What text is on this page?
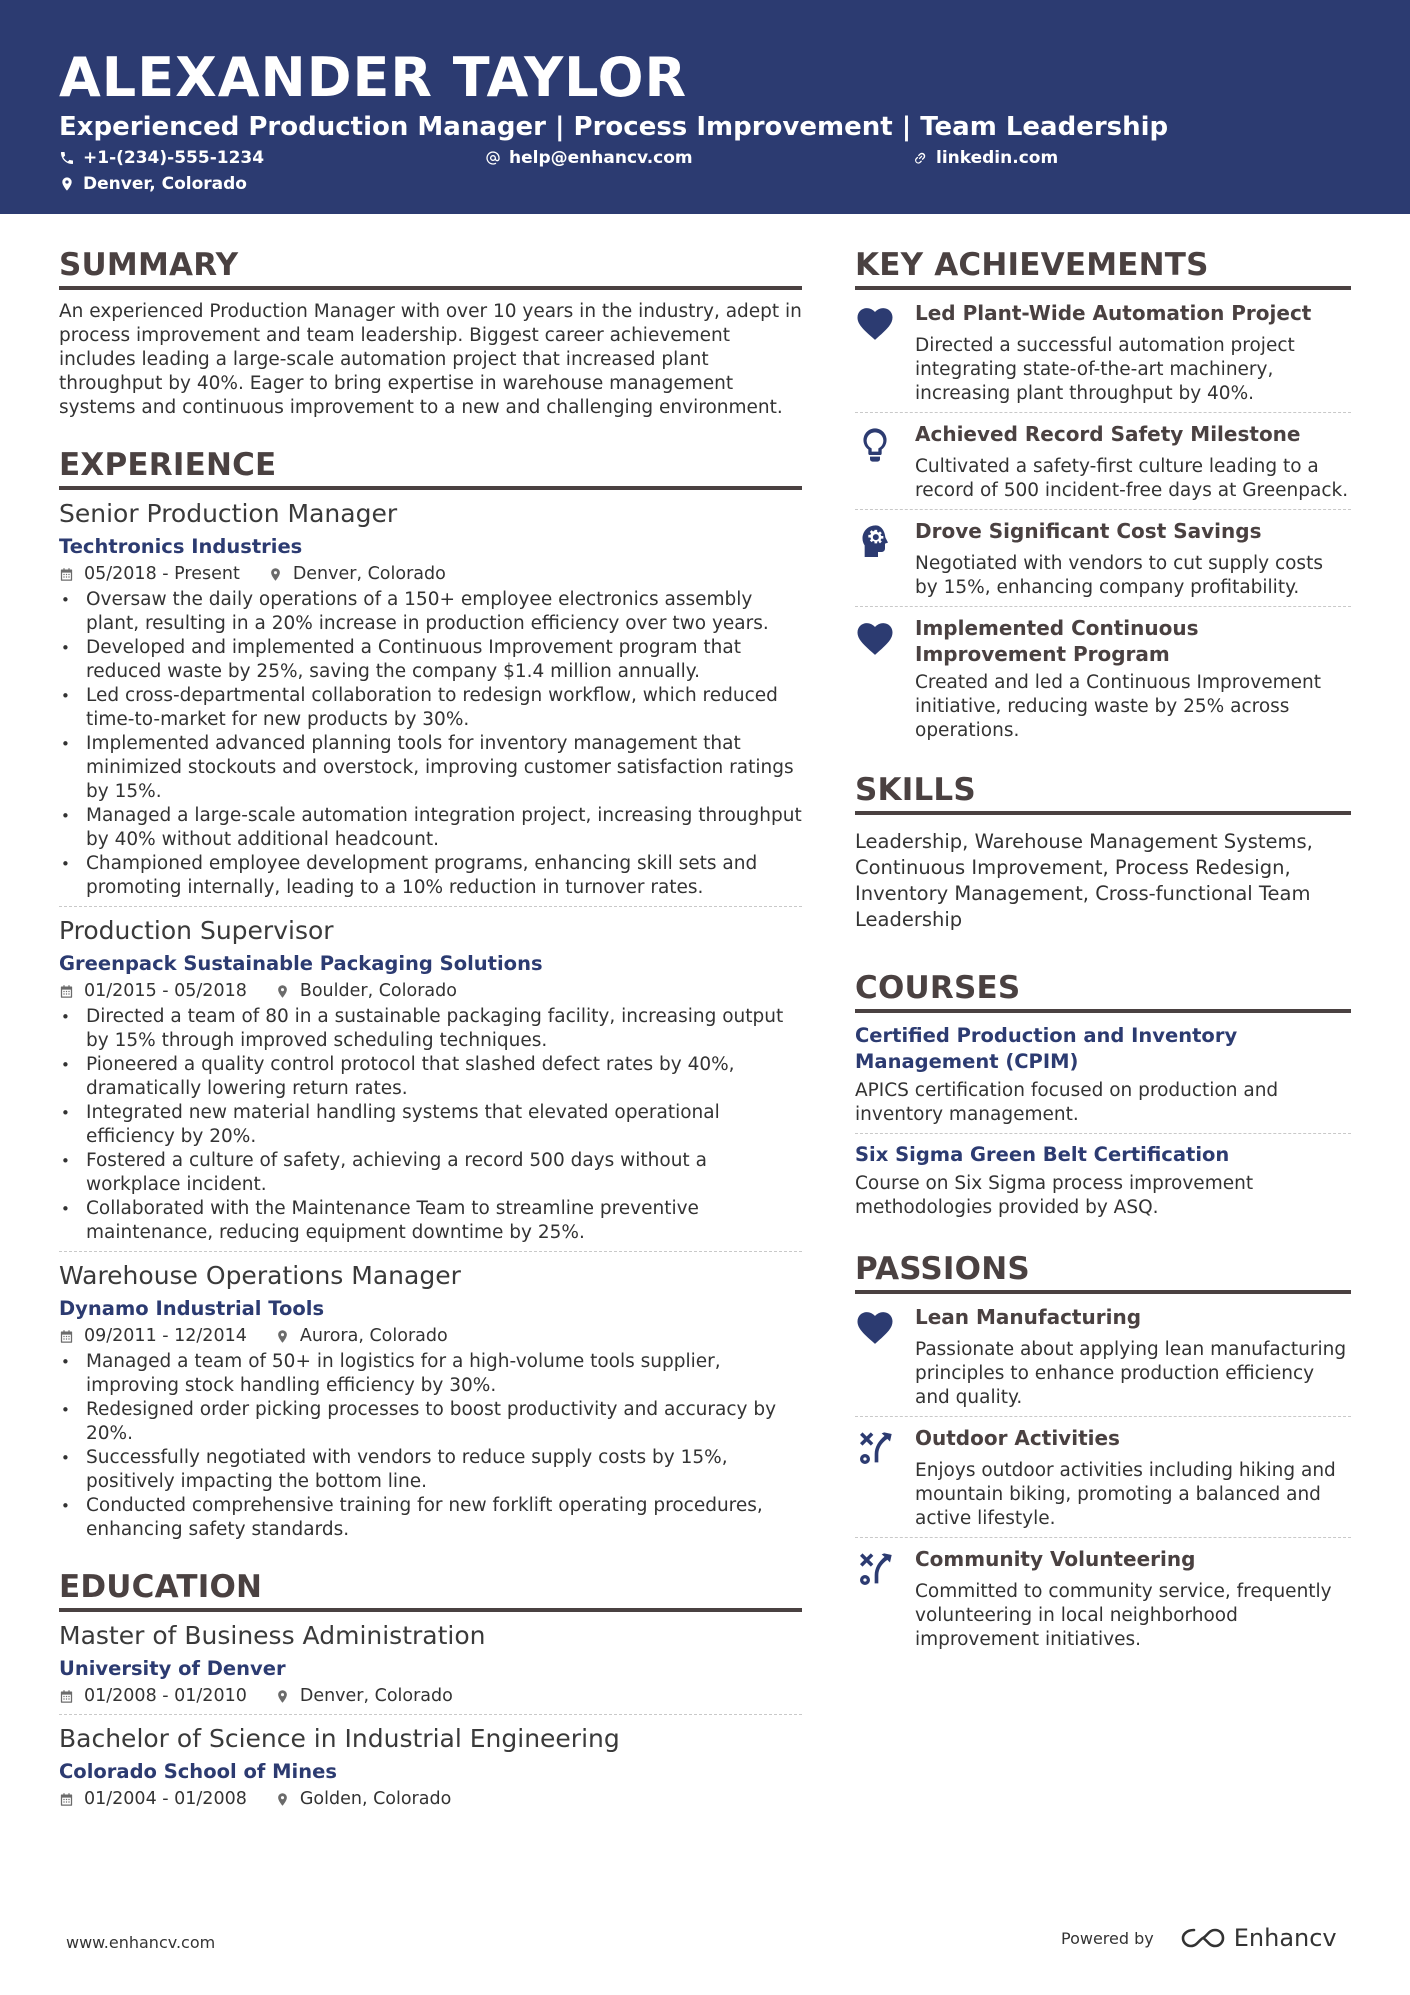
ALEXANDER TAYLOR
Experienced Production Manager | Process Improvement | Team Leadership
+1-(234)-555-1234	help@enhancv.com	linkedin.com
Denver, Colorado
SUMMARY

An experienced Production Manager with over 10 years in the industry, adept in process improvement and team leadership. Biggest career achievement includes leading a large-scale automation project that increased plant throughput by 40%. Eager to bring expertise in warehouse management systems and continuous improvement to a new and challenging environment.

EXPERIENCE
Senior Production Manager
Techtronics Industries
05/2018 - Present	Denver, Colorado
• Oversaw the daily operations of a 150+ employee electronics assembly plant, resulting in a 20% increase in production efficiency over two years.
• Developed and implemented a Continuous Improvement program that reduced waste by 25%, saving the company $1.4 million annually.
• Led cross-departmental collaboration to redesign workflow, which reduced time-to-market for new products by 30%.
• Implemented advanced planning tools for inventory management that minimized stockouts and overstock, improving customer satisfaction ratings by 15%.
• Managed a large-scale automation integration project, increasing throughput by 40% without additional headcount.
• Championed employee development programs, enhancing skill sets and promoting internally, leading to a 10% reduction in turnover rates.
Production Supervisor
Greenpack Sustainable Packaging Solutions
01/2015 - 05/2018	Boulder, Colorado
• Directed a team of 80 in a sustainable packaging facility, increasing output by 15% through improved scheduling techniques.
• Pioneered a quality control protocol that slashed defect rates by 40%, dramatically lowering return rates.
• Integrated new material handling systems that elevated operational efficiency by 20%.
• Fostered a culture of safety, achieving a record 500 days without a workplace incident.
• Collaborated with the Maintenance Team to streamline preventive maintenance, reducing equipment downtime by 25%.
Warehouse Operations Manager
Dynamo Industrial Tools
09/2011 - 12/2014	Aurora, Colorado
• Managed a team of 50+ in logistics for a high-volume tools supplier, improving stock handling efficiency by 30%.
• Redesigned order picking processes to boost productivity and accuracy by 20%.
• Successfully negotiated with vendors to reduce supply costs by 15%, positively impacting the bottom line.
• Conducted comprehensive training for new forklift operating procedures, enhancing safety standards.
EDUCATION
Master of Business Administration
University of Denver
01/2008 - 01/2010	Denver, Colorado
Bachelor of Science in Industrial Engineering
Colorado School of Mines
01/2004 - 01/2008	Golden, Colorado
KEY ACHIEVEMENTS
Led Plant-Wide Automation Project
Directed a successful automation project integrating state-of-the-art machinery, increasing plant throughput by 40%.
Achieved Record Safety Milestone
Cultivated a safety-first culture leading to a record of 500 incident-free days at Greenpack.
Drove Significant Cost Savings
Negotiated with vendors to cut supply costs by 15%, enhancing company profitability.
Implemented Continuous Improvement Program
Created and led a Continuous Improvement initiative, reducing waste by 25% across operations.
SKILLS
Leadership, Warehouse Management Systems, Continuous Improvement, Process Redesign, Inventory Management, Cross-functional Team Leadership
COURSES
Certified Production and Inventory Management (CPIM)
APICS certification focused on production and inventory management.
Six Sigma Green Belt Certification
Course on Six Sigma process improvement methodologies provided by ASQ.
PASSIONS
Lean Manufacturing
Passionate about applying lean manufacturing principles to enhance production efficiency and quality.
Outdoor Activities
Enjoys outdoor activities including hiking and mountain biking, promoting a balanced and active lifestyle.
Community Volunteering
Committed to community service, frequently volunteering in local neighborhood improvement initiatives.
www.enhancv.com	Powered by	Enhancv
